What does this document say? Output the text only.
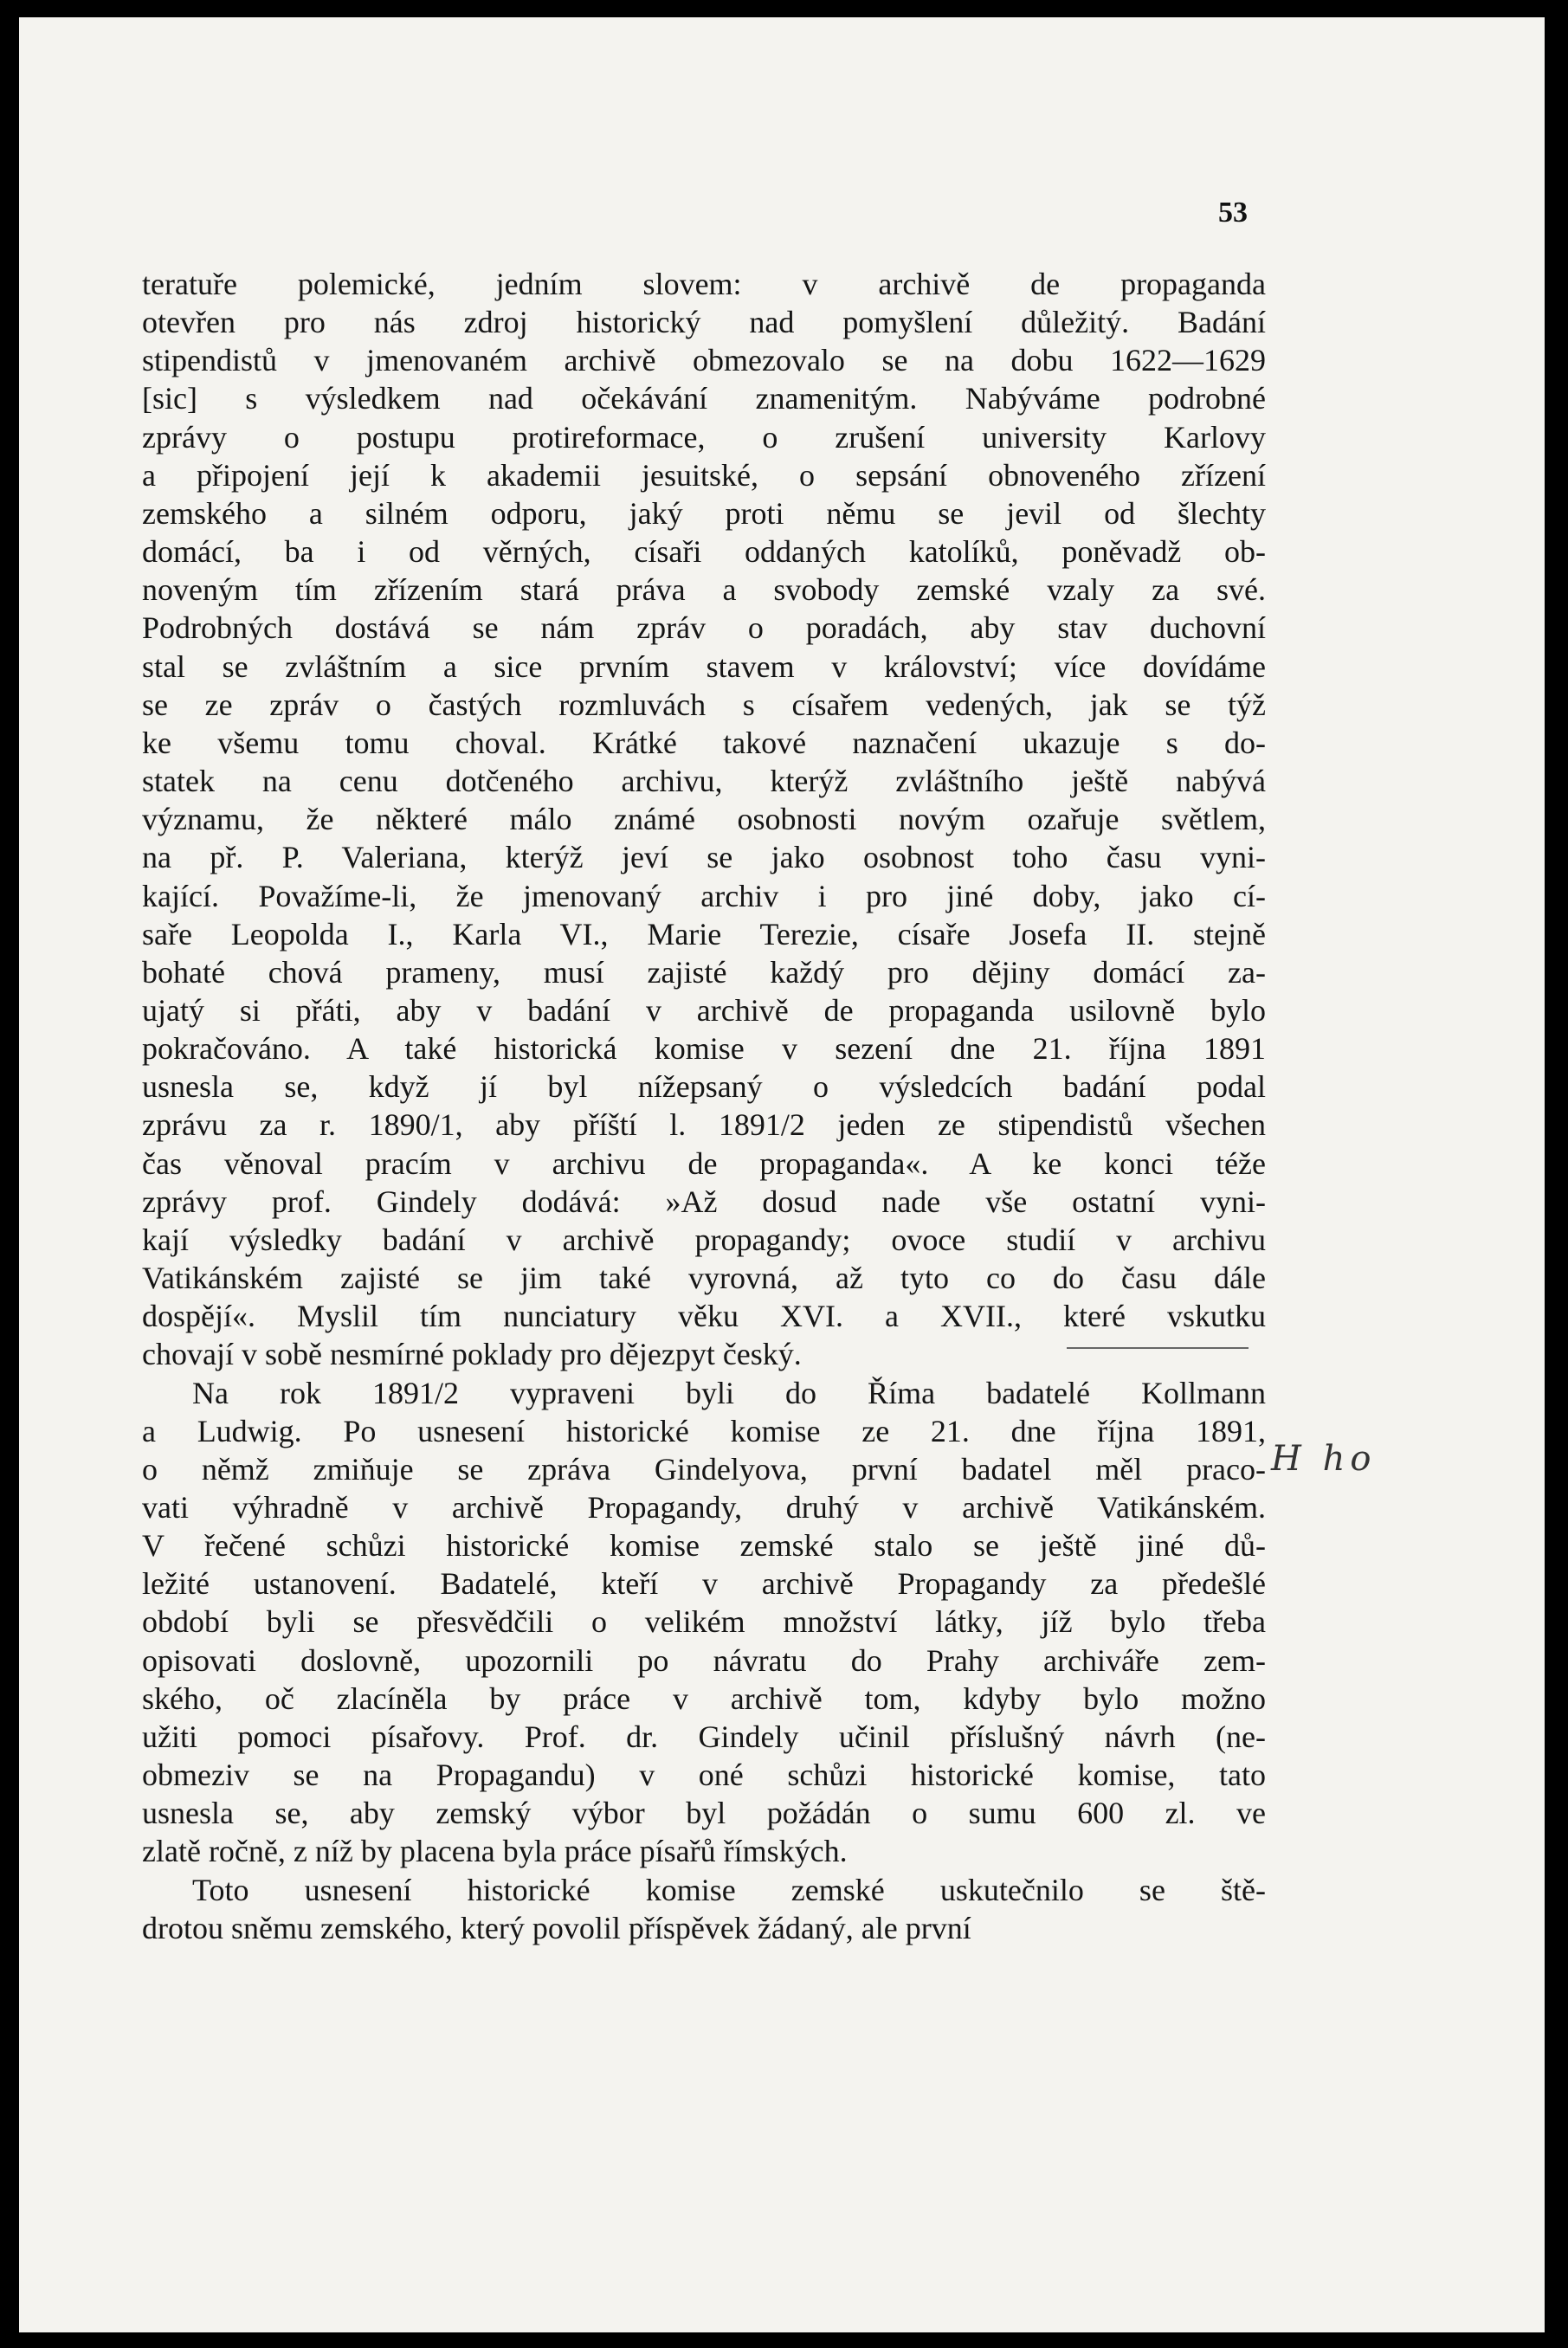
53
teratuře polemické, jedním slovem: v archivě de propaganda
otevřen pro nás zdroj historický nad pomyšlení důležitý. Badání
stipendistů v jmenovaném archivě obmezovalo se na dobu 1622—1629
[sic] s výsledkem nad očekávání znamenitým. Nabýváme podrobné
zprávy o postupu protireformace, o zrušení university Karlovy
a připojení její k akademii jesuitské, o sepsání obnoveného zřízení
zemského a silném odporu, jaký proti němu se jevil od šlechty
domácí, ba i od věrných, císaři oddaných katolíků, poněvadž ob-
noveným tím zřízením stará práva a svobody zemské vzaly za své.
Podrobných dostává se nám zpráv o poradách, aby stav duchovní
stal se zvláštním a sice prvním stavem v království; více dovídáme
se ze zpráv o častých rozmluvách s císařem vedených, jak se týž
ke všemu tomu choval. Krátké takové naznačení ukazuje s do-
statek na cenu dotčeného archivu, kterýž zvláštního ještě nabývá
významu, že některé málo známé osobnosti novým ozařuje světlem,
na př. P. Valeriana, kterýž jeví se jako osobnost toho času vyni-
kající. Považíme-li, že jmenovaný archiv i pro jiné doby, jako cí-
saře Leopolda I., Karla VI., Marie Terezie, císaře Josefa II. stejně
bohaté chová prameny, musí zajisté každý pro dějiny domácí za-
ujatý si přáti, aby v badání v archivě de propaganda usilovně bylo
pokračováno. A také historická komise v sezení dne 21. října 1891
usnesla se, když jí byl nížepsaný o výsledcích badání podal
zprávu za r. 1890/1, aby příští l. 1891/2 jeden ze stipendistů všechen
čas věnoval pracím v archivu de propaganda«. A ke konci téže
zprávy prof. Gindely dodává: »Až dosud nade vše ostatní vyni-
kají výsledky badání v archivě propagandy; ovoce studií v archivu
Vatikánském zajisté se jim také vyrovná, až tyto co do času dále
dospějí«. Myslil tím nunciatury věku XVI. a XVII., které vskutku
chovají v sobě nesmírné poklady pro dějezpyt český.
Na rok 1891/2 vypraveni byli do Říma badatelé Kollmann
a Ludwig. Po usnesení historické komise ze 21. dne října 1891,
o němž zmiňuje se zpráva Gindelyova, první badatel měl praco-
vati výhradně v archivě Propagandy, druhý v archivě Vatikánském.
V řečené schůzi historické komise zemské stalo se ještě jiné dů-
ležité ustanovení. Badatelé, kteří v archivě Propagandy za předešlé
období byli se přesvědčili o velikém množství látky, jíž bylo třeba
opisovati doslovně, upozornili po návratu do Prahy archiváře zem-
ského, oč zlacíněla by práce v archivě tom, kdyby bylo možno
užiti pomoci písařovy. Prof. dr. Gindely učinil příslušný návrh (ne-
obmeziv se na Propagandu) v oné schůzi historické komise, tato
usnesla se, aby zemský výbor byl požádán o sumu 600 zl. ve
zlatě ročně, z níž by placena byla práce písařů římských.
Toto usnesení historické komise zemské uskutečnilo se ště-
drotou sněmu zemského, který povolil příspěvek žádaný, ale první
H ho
